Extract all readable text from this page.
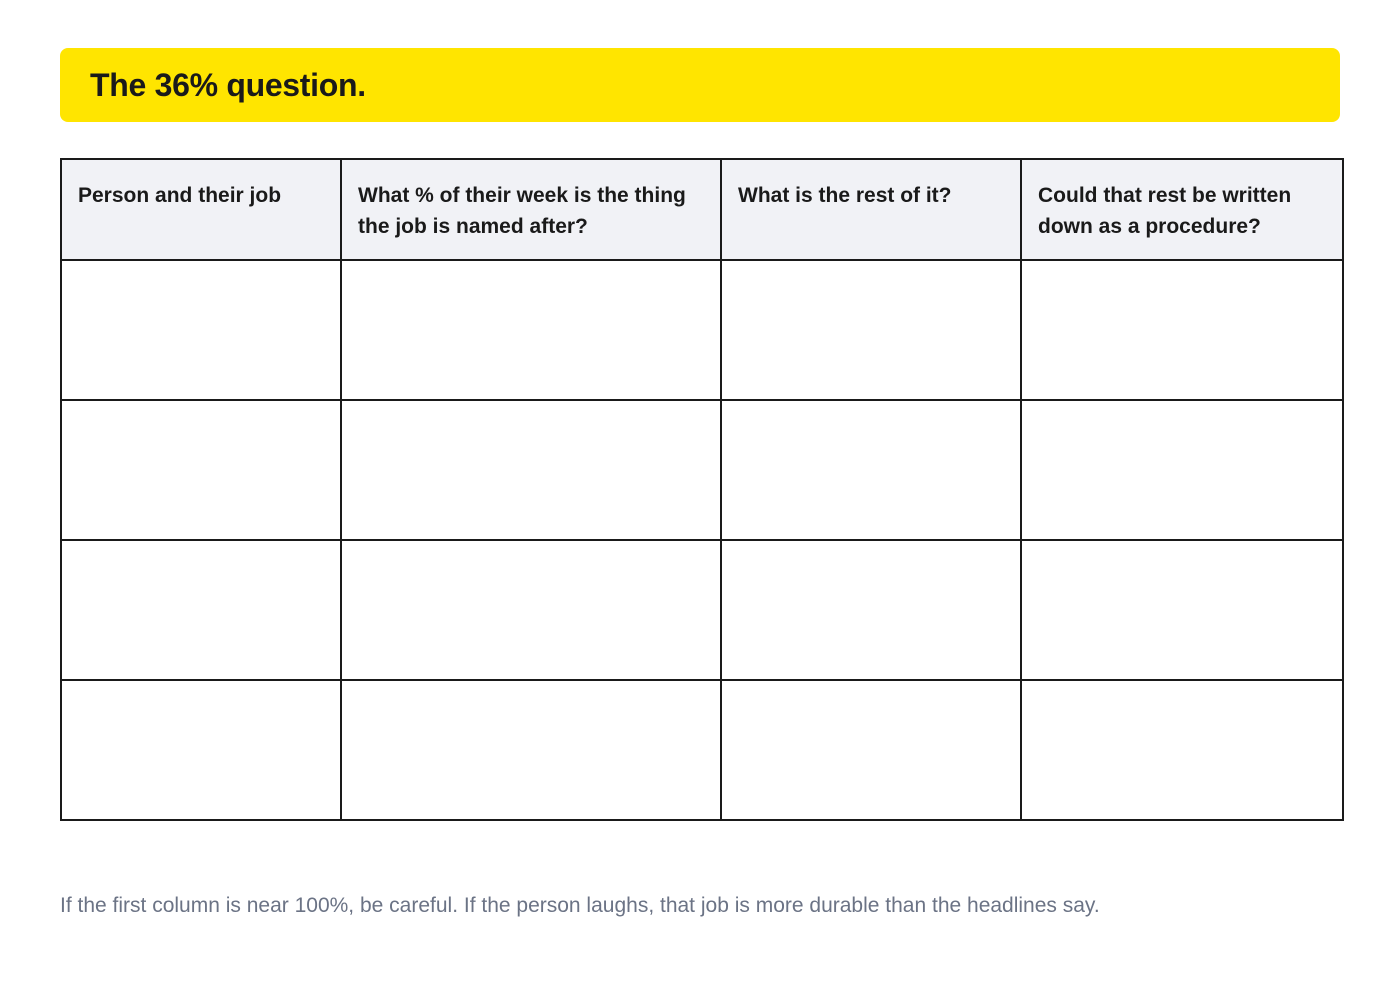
The 36% question.
Person and their job	What % of their week is the thing the job is named after?	What is the rest of it?	Could that rest be written down as a procedure?

If the first column is near 100%, be careful. If the person laughs, that job is more durable than the headlines say.
